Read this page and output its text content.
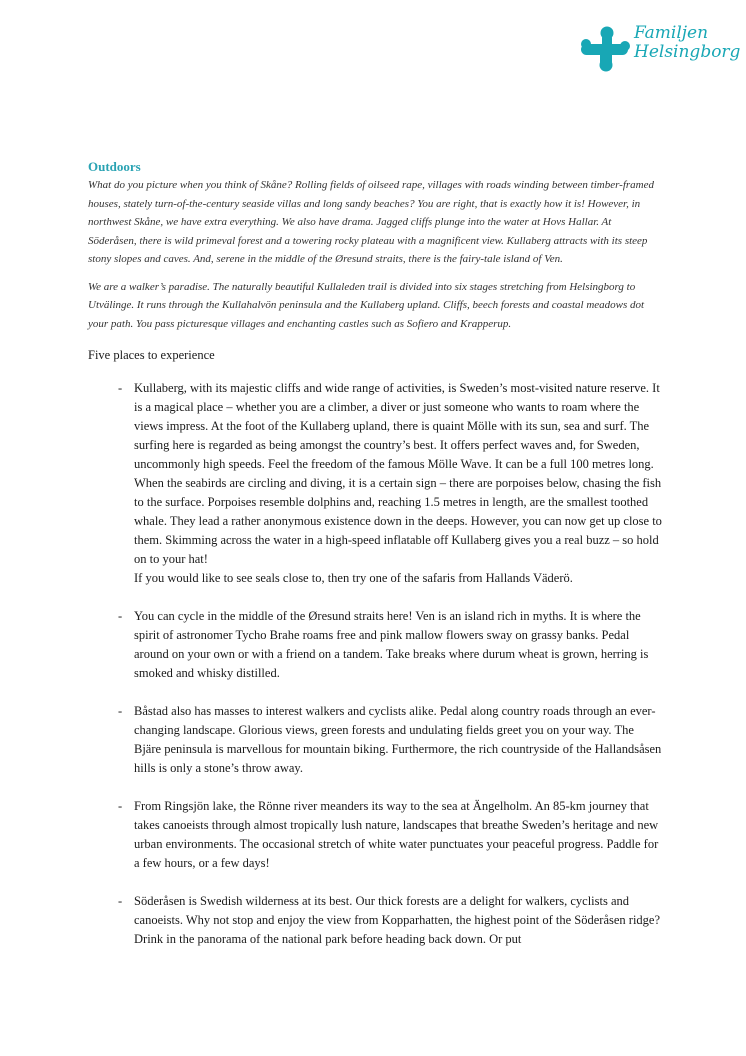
Familjen
Helsingborg
Outdoors

What do you picture when you think of Skåne? Rolling fields of oilseed rape, villages with roads winding between timber-framed houses, stately turn-of-the-century seaside villas and long sandy beaches? You are right, that is exactly how it is! However, in northwest Skåne, we have extra everything. We also have drama. Jagged cliffs plunge into the water at Hovs Hallar. At Söderåsen, there is wild primeval forest and a towering rocky plateau with a magnificent view. Kullaberg attracts with its steep stony slopes and caves. And, serene in the middle of the Øresund straits, there is the fairy-tale island of Ven.

We are a walker’s paradise. The naturally beautiful Kullaleden trail is divided into six stages stretching from Helsingborg to Utvälinge. It runs through the Kullahalvön peninsula and the Kullaberg upland. Cliffs, beech forests and coastal meadows dot your path. You pass picturesque villages and enchanting castles such as Sofiero and Krapperup.

Five places to experience

- Kullaberg, with its majestic cliffs and wide range of activities, is Sweden’s most-visited nature reserve. It is a magical place – whether you are a climber, a diver or just someone who wants to roam where the views impress. At the foot of the Kullaberg upland, there is quaint Mölle with its sun, sea and surf. The surfing here is regarded as being amongst the country’s best. It offers perfect waves and, for Sweden, uncommonly high speeds. Feel the freedom of the famous Mölle Wave. It can be a full 100 metres long.

When the seabirds are circling and diving, it is a certain sign – there are porpoises below, chasing the fish to the surface. Porpoises resemble dolphins and, reaching 1.5 metres in length, are the smallest toothed whale. They lead a rather anonymous existence down in the deeps. However, you can now get up close to them. Skimming across the water in a high-speed inflatable off Kullaberg gives you a real buzz – so hold on to your hat!

If you would like to see seals close to, then try one of the safaris from Hallands Väderö.

- You can cycle in the middle of the Øresund straits here! Ven is an island rich in myths. It is where the spirit of astronomer Tycho Brahe roams free and pink mallow flowers sway on grassy banks. Pedal around on your own or with a friend on a tandem. Take breaks where durum wheat is grown, herring is smoked and whisky distilled.

- Båstad also has masses to interest walkers and cyclists alike. Pedal along country roads through an ever-changing landscape. Glorious views, green forests and undulating fields greet you on your way. The Bjäre peninsula is marvellous for mountain biking. Furthermore, the rich countryside of the Hallandsåsen hills is only a stone’s throw away.

- From Ringsjön lake, the Rönne river meanders its way to the sea at Ängelholm. An 85-km journey that takes canoeists through almost tropically lush nature, landscapes that breathe Sweden’s heritage and new urban environments. The occasional stretch of white water punctuates your peaceful progress. Paddle for a few hours, or a few days!

- Söderåsen is Swedish wilderness at its best. Our thick forests are a delight for walkers, cyclists and canoeists. Why not stop and enjoy the view from Kopparhatten, the highest point of the Söderåsen ridge? Drink in the panorama of the national park before heading back down. Or put
